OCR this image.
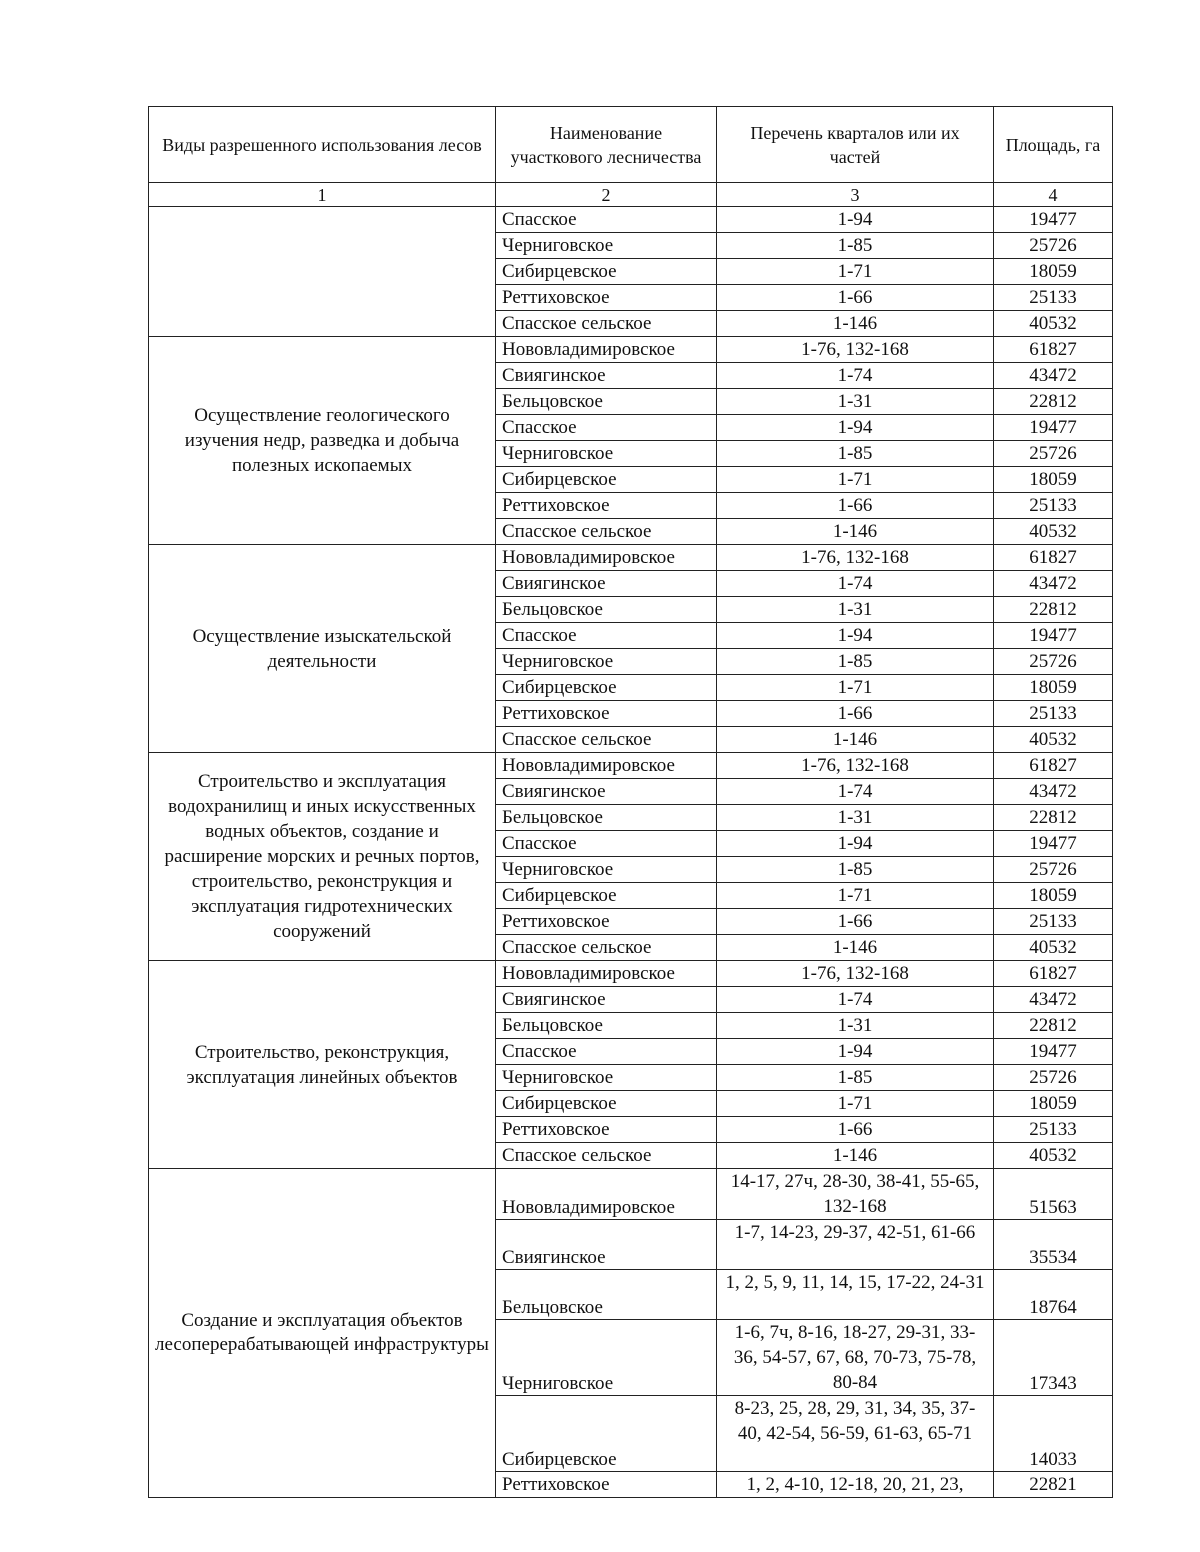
Виды разрешенного использования лесов	Наименование участкового лесничества	Перечень кварталов или их частей	Площадь, га
1	2	3	4
	Спасское	1-94	19477
	Черниговское	1-85	25726
	Сибирцевское	1-71	18059
	Реттиховское	1-66	25133
	Спасское сельское	1-146	40532
Осуществление геологического изучения недр, разведка и добыча полезных ископаемых	Нововладимировское	1-76, 132-168	61827
	Свиягинское	1-74	43472
	Бельцовское	1-31	22812
	Спасское	1-94	19477
	Черниговское	1-85	25726
	Сибирцевское	1-71	18059
	Реттиховское	1-66	25133
	Спасское сельское	1-146	40532
Осуществление изыскательской деятельности	Нововладимировское	1-76, 132-168	61827
	Свиягинское	1-74	43472
	Бельцовское	1-31	22812
	Спасское	1-94	19477
	Черниговское	1-85	25726
	Сибирцевское	1-71	18059
	Реттиховское	1-66	25133
	Спасское сельское	1-146	40532
Строительство и эксплуатация водохранилищ и иных искусственных водных объектов, создание и расширение морских и речных портов, строительство, реконструкция и эксплуатация гидротехнических сооружений	Нововладимировское	1-76, 132-168	61827
	Свиягинское	1-74	43472
	Бельцовское	1-31	22812
	Спасское	1-94	19477
	Черниговское	1-85	25726
	Сибирцевское	1-71	18059
	Реттиховское	1-66	25133
	Спасское сельское	1-146	40532
Строительство, реконструкция, эксплуатация линейных объектов	Нововладимировское	1-76, 132-168	61827
	Свиягинское	1-74	43472
	Бельцовское	1-31	22812
	Спасское	1-94	19477
	Черниговское	1-85	25726
	Сибирцевское	1-71	18059
	Реттиховское	1-66	25133
	Спасское сельское	1-146	40532
Создание и эксплуатация объектов лесоперерабатывающей инфраструктуры	Нововладимировское	14-17, 27ч, 28-30, 38-41, 55-65, 132-168	51563
	Свиягинское	1-7, 14-23, 29-37, 42-51, 61-66	35534
	Бельцовское	1, 2, 5, 9, 11, 14, 15, 17-22, 24-31	18764
	Черниговское	1-6, 7ч, 8-16, 18-27, 29-31, 33-36, 54-57, 67, 68, 70-73, 75-78, 80-84	17343
	Сибирцевское	8-23, 25, 28, 29, 31, 34, 35, 37-40, 42-54, 56-59, 61-63, 65-71	14033
	Реттиховское	1, 2, 4-10, 12-18, 20, 21, 23,	22821
